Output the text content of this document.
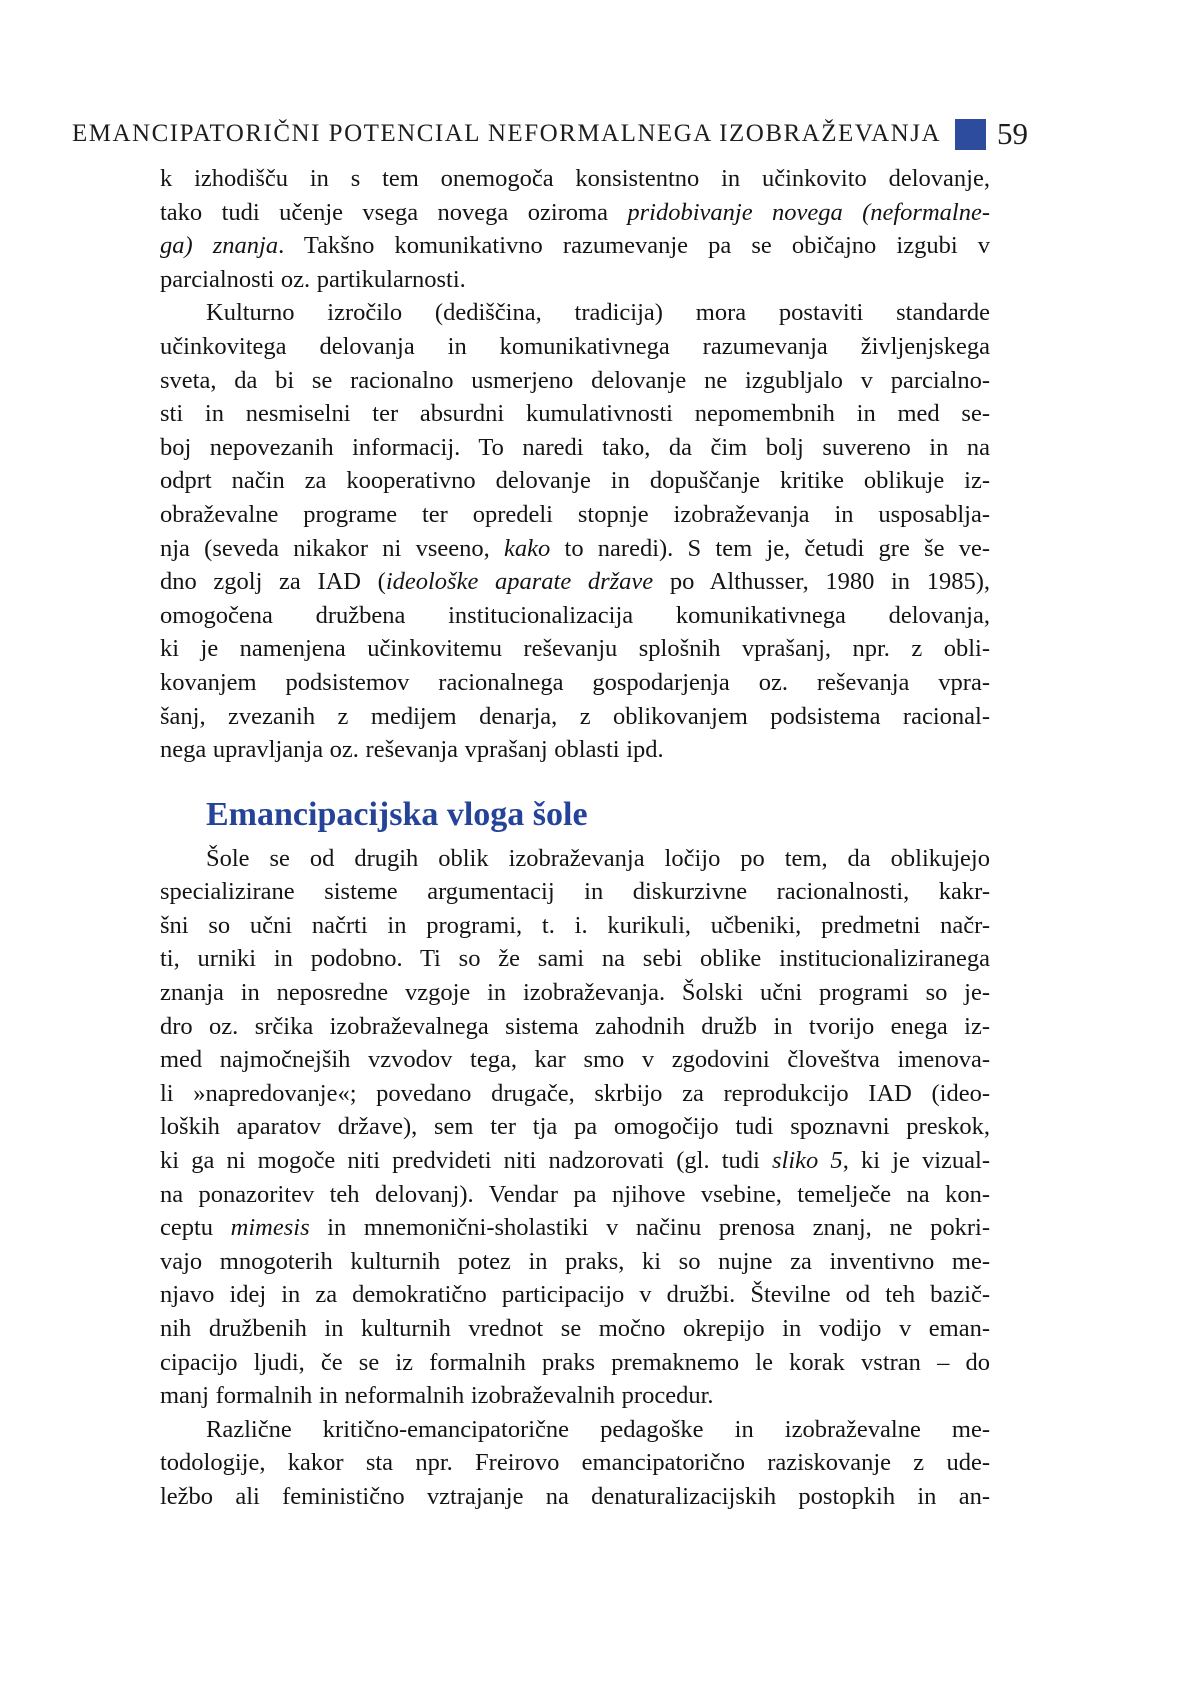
EMANCIPATORIČNI POTENCIAL NEFORMALNEGA IZOBRAŽEVANJA 59
k izhodišču in s tem onemogoča konsistentno in učinkovito delovanje,
tako tudi učenje vsega novega oziroma pridobivanje novega (neformalne-
ga) znanja. Takšno komunikativno razumevanje pa se običajno izgubi v
parcialnosti oz. partikularnosti.
Kulturno izročilo (dediščina, tradicija) mora postaviti standarde
učinkovitega delovanja in komunikativnega razumevanja življenjskega
sveta, da bi se racionalno usmerjeno delovanje ne izgubljalo v parcialno-
sti in nesmiselni ter absurdni kumulativnosti nepomembnih in med se-
boj nepovezanih informacij. To naredi tako, da čim bolj suvereno in na
odprt način za kooperativno delovanje in dopuščanje kritike oblikuje iz-
obraževalne programe ter opredeli stopnje izobraževanja in usposablja-
nja (seveda nikakor ni vseeno, kako to naredi). S tem je, četudi gre še ve-
dno zgolj za IAD (ideološke aparate države po Althusser, 1980 in 1985),
omogočena družbena institucionalizacija komunikativnega delovanja,
ki je namenjena učinkovitemu reševanju splošnih vprašanj, npr. z obli-
kovanjem podsistemov racionalnega gospodarjenja oz. reševanja vpra-
šanj, zvezanih z medijem denarja, z oblikovanjem podsistema racional-
nega upravljanja oz. reševanja vprašanj oblasti ipd.
Emancipacijska vloga šole
Šole se od drugih oblik izobraževanja ločijo po tem, da oblikujejo
specializirane sisteme argumentacij in diskurzivne racionalnosti, kakr-
šni so učni načrti in programi, t. i. kurikuli, učbeniki, predmetni načr-
ti, urniki in podobno. Ti so že sami na sebi oblike institucionaliziranega
znanja in neposredne vzgoje in izobraževanja. Šolski učni programi so je-
dro oz. srčika izobraževalnega sistema zahodnih družb in tvorijo enega iz-
med najmočnejših vzvodov tega, kar smo v zgodovini človeštva imenova-
li »napredovanje«; povedano drugače, skrbijo za reprodukcijo IAD (ideo-
loških aparatov države), sem ter tja pa omogočijo tudi spoznavni preskok,
ki ga ni mogoče niti predvideti niti nadzorovati (gl. tudi sliko 5, ki je vizual-
na ponazoritev teh delovanj). Vendar pa njihove vsebine, temelječe na kon-
ceptu mimesis in mnemonični-sholastiki v načinu prenosa znanj, ne pokri-
vajo mnogoterih kulturnih potez in praks, ki so nujne za inventivno me-
njavo idej in za demokratično participacijo v družbi. Številne od teh bazič-
nih družbenih in kulturnih vrednot se močno okrepijo in vodijo v eman-
cipacijo ljudi, če se iz formalnih praks premaknemo le korak vstran – do
manj formalnih in neformalnih izobraževalnih procedur.
Različne kritično-emancipatorične pedagoške in izobraževalne me-
todologije, kakor sta npr. Freirovo emancipatorično raziskovanje z ude-
ležbo ali feministično vztrajanje na denaturalizacijskih postopkih in an-
